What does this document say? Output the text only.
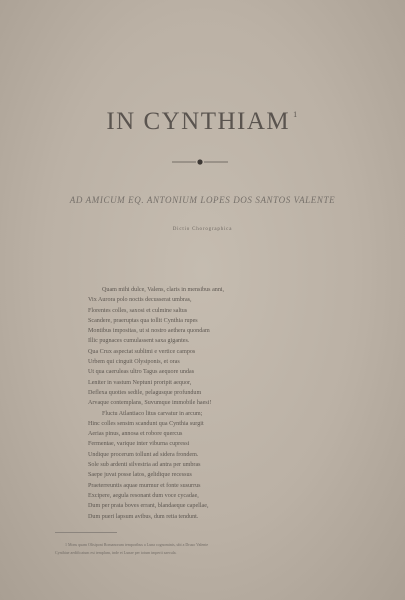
IN CYNTHIAM $^1$
AD AMICUM EQ. ANTONIUM LOPES DOS SANTOS VALENTE
Dictio Chorographica
Quam mihi dulce, Valens, claris in mensibus anni,
Vix Aurora polo noctis decusserat umbras,
Florentes colles, saxosi et culmine saltus
Scandere, praeruptas qua tollit Cynthia rupes
Montibus impositas, ut si nostro aethera quondam
Illic pugnaces cumulassent saxa gigantes.
Qua Crux aspectat sublimi e vertice campos
Urbem qui cinguit Olysiponis, et oras
Ut qua caeruleas ultro Tagus aequore undas
Leniter in vastum Neptuni proripit aequor,
Deflexa quoties sedile, pelagusque profundum
Arvaque contemplans, Suvumque immobile haesi!
Fluctu Atlantiaco litus carvatur in arcum;
Hinc colles sensim scandunt qua Cynthia surgit
Aerias pinus, annosa et robore quercus
Fermentae, varique inter viburna cupressi
Undique procerum tollunt ad sidera frondem.
Sole sub ardenti silvestria ad antra per umbras
Saepe juvat posse latos, gelidique recessus
Praeterreuntis aquae murmur et fonte susurrus
Excipere, aegula resonant dum voce cycadae,
Dum per prata boves errant, blandaeque capellae,
Dum pueri lapsum avibus, dum retia tendunt.
1 Mons quam Olisiponi Romanorum temporibus a Luna cognominis, ubi a Druso Valente
Cynthiae aedificatum est templum, inde et Lunae per totum imperii saecula.
